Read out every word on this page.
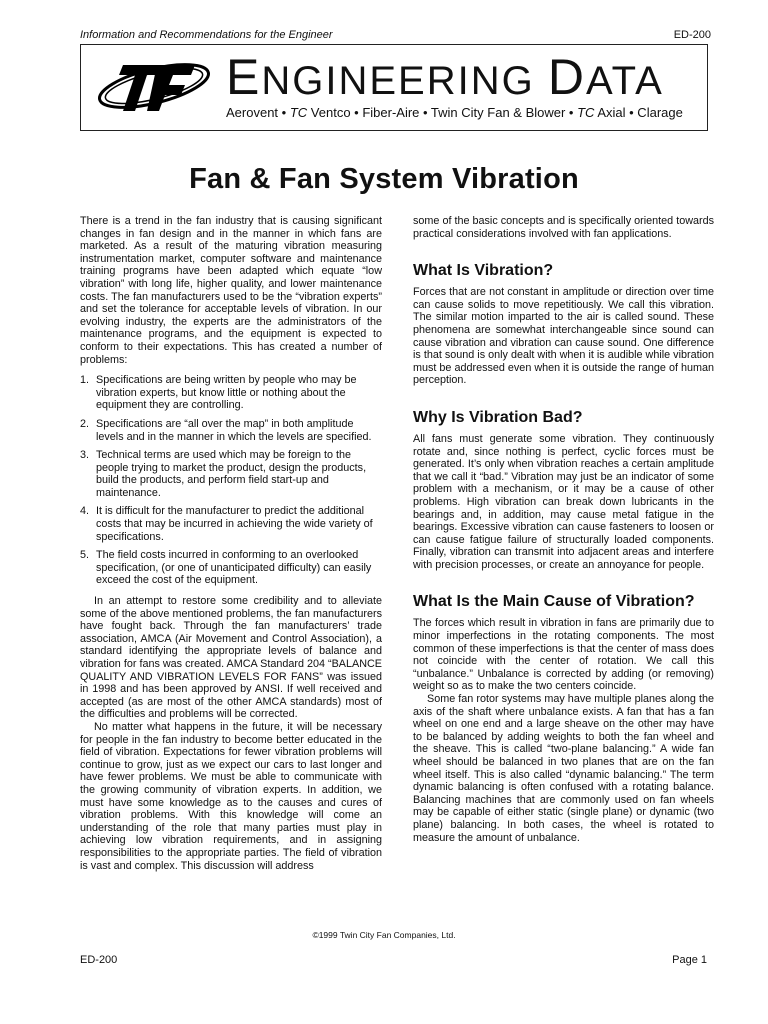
Information and Recommendations for the Engineer	ED-200
ENGINEERING DATA
Aerovent • TC Ventco • Fiber-Aire • Twin City Fan & Blower • TC Axial • Clarage
Fan & Fan System Vibration

There is a trend in the fan industry that is causing significant changes in fan design and in the manner in which fans are marketed. As a result of the maturing vibration measuring instrumentation market, computer software and maintenance training programs have been adapted which equate “low vibration” with long life, higher quality, and lower maintenance costs. The fan manufacturers used to be the “vibration experts” and set the tolerance for acceptable levels of vibration. In our evolving industry, the experts are the administrators of the maintenance programs, and the equipment is expected to conform to their expectations. This has created a number of problems:

1. Specifications are being written by people who may be vibration experts, but know little or nothing about the equipment they are controlling.
2. Specifications are “all over the map” in both amplitude levels and in the manner in which the levels are specified.
3. Technical terms are used which may be foreign to the people trying to market the product, design the products, build the products, and perform field start-up and maintenance.
4. It is difficult for the manufacturer to predict the additional costs that may be incurred in achieving the wide variety of specifications.
5. The field costs incurred in conforming to an overlooked specification, (or one of unanticipated difficulty) can easily exceed the cost of the equipment.

In an attempt to restore some credibility and to alleviate some of the above mentioned problems, the fan manufacturers have fought back. Through the fan manufacturers’ trade association, AMCA (Air Movement and Control Association), a standard identifying the appropriate levels of balance and vibration for fans was created. AMCA Standard 204 “BALANCE QUALITY AND VIBRATION LEVELS FOR FANS” was issued in 1998 and has been approved by ANSI. If well received and accepted (as are most of the other AMCA standards) most of the difficulties and problems will be corrected.

No matter what happens in the future, it will be necessary for people in the fan industry to become better educated in the field of vibration. Expectations for fewer vibration problems will continue to grow, just as we expect our cars to last longer and have fewer problems. We must be able to communicate with the growing community of vibration experts. In addition, we must have some knowledge as to the causes and cures of vibration problems. With this knowledge will come an understanding of the role that many parties must play in achieving low vibration requirements, and in assigning responsibilities to the appropriate parties. The field of vibration is vast and complex. This discussion will address

some of the basic concepts and is specifically oriented towards practical considerations involved with fan applications.

What Is Vibration?

Forces that are not constant in amplitude or direction over time can cause solids to move repetitiously. We call this vibration. The similar motion imparted to the air is called sound. These phenomena are somewhat interchangeable since sound can cause vibration and vibration can cause sound. One difference is that sound is only dealt with when it is audible while vibration must be addressed even when it is outside the range of human perception.

Why Is Vibration Bad?

All fans must generate some vibration. They continuously rotate and, since nothing is perfect, cyclic forces must be generated. It’s only when vibration reaches a certain amplitude that we call it “bad.” Vibration may just be an indicator of some problem with a mechanism, or it may be a cause of other problems. High vibration can break down lubricants in the bearings and, in addition, may cause metal fatigue in the bearings. Excessive vibration can cause fasteners to loosen or can cause fatigue failure of structurally loaded components. Finally, vibration can transmit into adjacent areas and interfere with precision processes, or create an annoyance for people.

What Is the Main Cause of Vibration?

The forces which result in vibration in fans are primarily due to minor imperfections in the rotating components. The most common of these imperfections is that the center of mass does not coincide with the center of rotation. We call this “unbalance.” Unbalance is corrected by adding (or removing) weight so as to make the two centers coincide.

Some fan rotor systems may have multiple planes along the axis of the shaft where unbalance exists. A fan that has a fan wheel on one end and a large sheave on the other may have to be balanced by adding weights to both the fan wheel and the sheave. This is called “two-plane balancing.” A wide fan wheel should be balanced in two planes that are on the fan wheel itself. This is also called “dynamic balancing.” The term dynamic balancing is often confused with a rotating balance. Balancing machines that are commonly used on fan wheels may be capable of either static (single plane) or dynamic (two plane) balancing. In both cases, the wheel is rotated to measure the amount of unbalance.

©1999 Twin City Fan Companies, Ltd.
ED-200	Page 1
